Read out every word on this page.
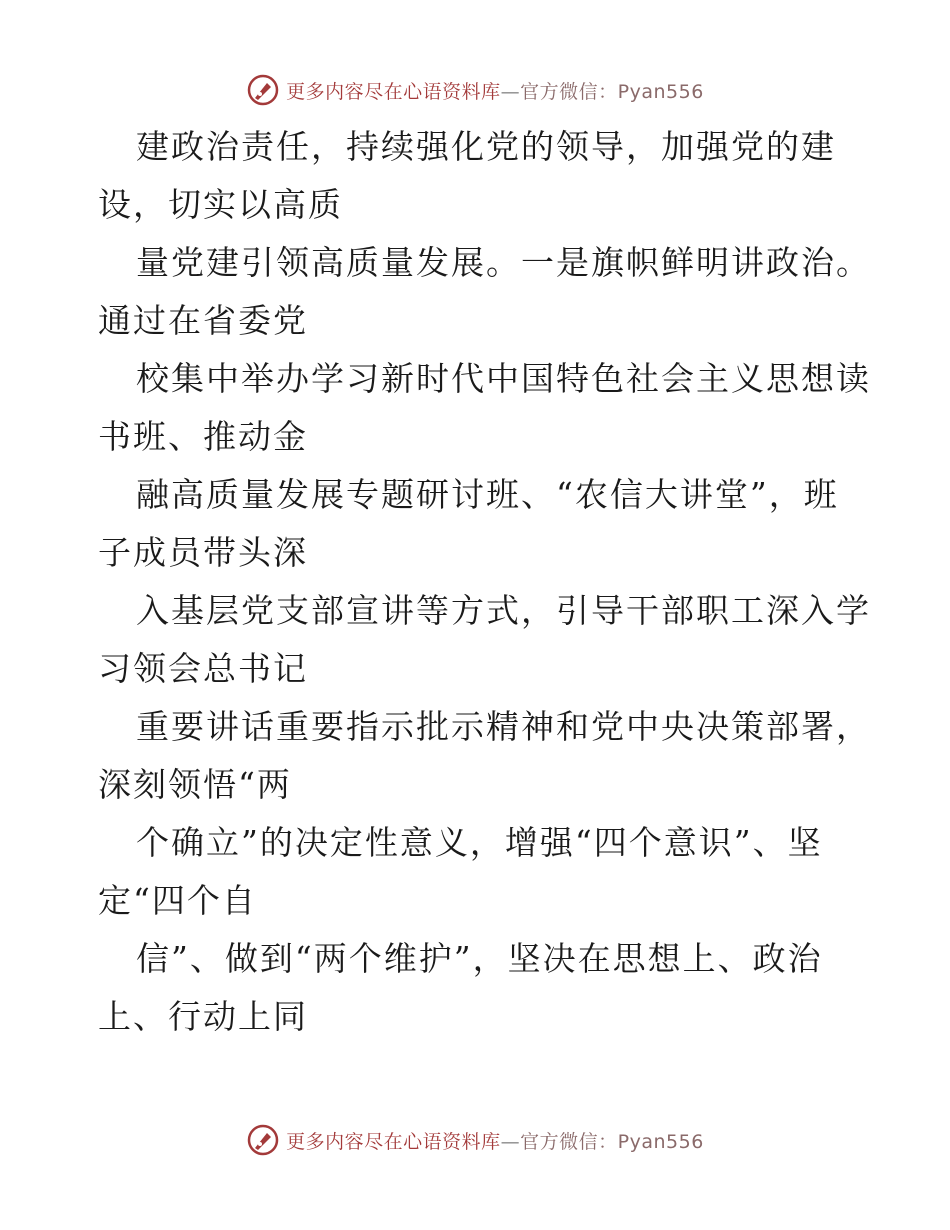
更多内容尽在心语资料库—官方微信：Pyan556
建政治责任，持续强化党的领导，加强党的建
设，切实以高质
量党建引领高质量发展。一是旗帜鲜明讲政治。
通过在省委党
校集中举办学习新时代中国特色社会主义思想读
书班、推动金
融高质量发展专题研讨班、“农信大讲堂”，班
子成员带头深
入基层党支部宣讲等方式，引导干部职工深入学
习领会总书记
重要讲话重要指示批示精神和党中央决策部署，
深刻领悟“两
个确立”的决定性意义，增强“四个意识”、坚
定“四个自
信”、做到“两个维护”，坚决在思想上、政治
上、行动上同
更多内容尽在心语资料库—官方微信：Pyan556
